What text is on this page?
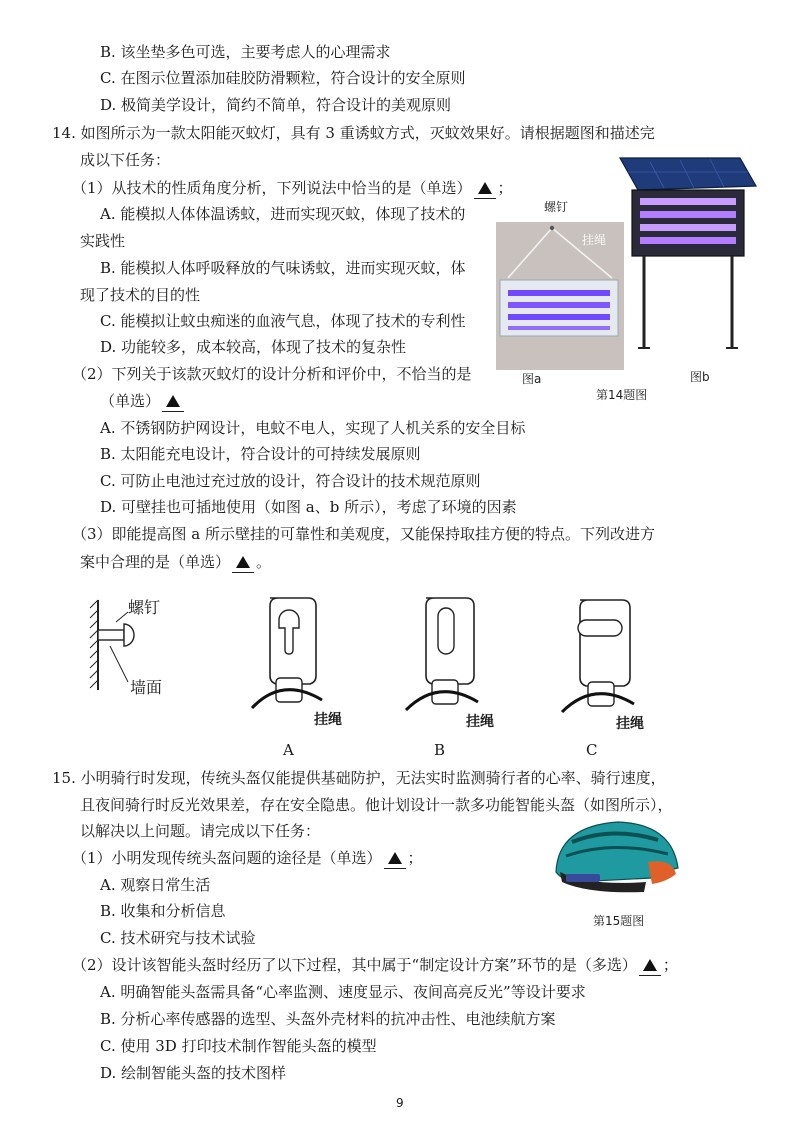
B. 该坐垫多色可选，主要考虑人的心理需求
C. 在图示位置添加硅胶防滑颗粒，符合设计的安全原则
D. 极简美学设计，简约不简单，符合设计的美观原则
14. 如图所示为一款太阳能灭蚊灯，具有 3 重诱蚊方式，灭蚊效果好。请根据题图和描述完
成以下任务：
（1）从技术的性质角度分析，下列说法中恰当的是（单选） ；
A. 能模拟人体体温诱蚊，进而实现灭蚊，体现了技术的
实践性
B. 能模拟人体呼吸释放的气味诱蚊，进而实现灭蚊，体
现了技术的目的性
C. 能模拟让蚊虫痴迷的血液气息，体现了技术的专利性
D. 功能较多，成本较高，体现了技术的复杂性
（2）下列关于该款灭蚊灯的设计分析和评价中，不恰当的是
（单选）
A. 不锈钢防护网设计，电蚊不电人，实现了人机关系的安全目标
B. 太阳能充电设计，符合设计的可持续发展原则
C. 可防止电池过充过放的设计，符合设计的技术规范原则
D. 可壁挂也可插地使用（如图 a、b 所示），考虑了环境的因素
（3）即能提高图 a 所示壁挂的可靠性和美观度，又能保持取挂方便的特点。下列改进方
案中合理的是（单选） 。
螺钉
挂绳
图a	图b
第14题图
螺钉
墙面
挂绳	挂绳	挂绳
A	B	C
15. 小明骑行时发现，传统头盔仅能提供基础防护，无法实时监测骑行者的心率、骑行速度，
且夜间骑行时反光效果差，存在安全隐患。他计划设计一款多功能智能头盔（如图所示），
以解决以上问题。请完成以下任务：
（1）小明发现传统头盔问题的途径是（单选） ；
A. 观察日常生活
B. 收集和分析信息
C. 技术研究与技术试验
第15题图
（2）设计该智能头盔时经历了以下过程，其中属于“制定设计方案”环节的是（多选） ；
A. 明确智能头盔需具备“心率监测、速度显示、夜间高亮反光”等设计要求
B. 分析心率传感器的选型、头盔外壳材料的抗冲击性、电池续航方案
C. 使用 3D 打印技术制作智能头盔的模型
D. 绘制智能头盔的技术图样
9
